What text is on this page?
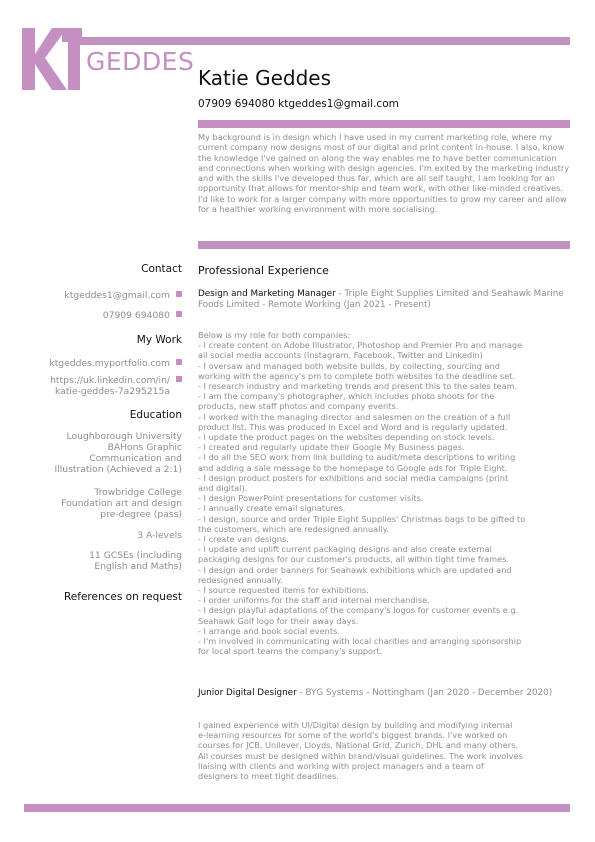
GEDDES
Katie Geddes
07909 694080 ktgeddes1@gmail.com
My background is in design which I have used in my current marketing role, where my current company now designs most of our digital and print content in-house. I also, know the knowledge I've gained on along the way enables me to have better communication and connections when working with design agencies. I'm exited by the marketing industry and with the skills I've developed thus far, which are all self taught, I am looking for an opportunity that allows for mentor-ship and team work, with other like-minded creatives. I'd like to work for a larger company with more opportunities to grow my career and allow for a healthier working environment with more socialising.
Contact
ktgeddes1@gmail.com
07909 694080
My Work
ktgeddes.myportfolio.com
https://uk.linkedin.com/in/
katie-geddes-7a295215a
Education
Loughborough University
BAHons Graphic
Communication and
Illustration (Achieved a 2:1)
Trowbridge College
Foundation art and design
pre-degree (pass)
3 A-levels
11 GCSEs (including
English and Maths)
References on request
Professional Experience
Design and Marketing Manager - Triple Eight Supplies Limited and Seahawk Marine Foods Limited - Remote Working (Jan 2021 - Present)
Below is my role for both companies:
- I create content on Adobe Illustrator, Photoshop and Premier Pro and manage
all social media accounts (Instagram, Facebook, Twitter and Linkedin)
- I oversaw and managed both website builds, by collecting, sourcing and
working with the agency's pm to complete both websites to the deadline set.
- I research industry and marketing trends and present this to the sales team.
- I am the company's photographer, which includes photo shoots for the
products, new staff photos and company events.
- I worked with the managing director and salesmen on the creation of a full
product list. This was produced in Excel and Word and is regularly updated.
- I update the product pages on the websites depending on stock levels.
- I created and regularly update their Google My Business pages.
- I do all the SEO work from link building to audit/meta descriptions to writing
and adding a sale message to the homepage to Google ads for Triple Eight.
- I design product posters for exhibitions and social media campaigns (print
and digital).
- I design PowerPoint presentations for customer visits.
- I annually create email signatures.
- I design, source and order Triple Eight Supplies' Christmas bags to be gifted to
the customers, which are redesigned annually.
- I create van designs.
- I update and uplift current packaging designs and also create external
packaging designs for our customer's products, all within tight time frames.
- I design and order banners for Seahawk exhibitions which are updated and
redesigned annually.
- I source requested items for exhibitions.
- I order uniforms for the staff and internal merchandise.
- I design playful adaptations of the company's logos for customer events e.g.
Seahawk Golf logo for their away days.
- I arrange and book social events.
- I'm involved in communicating with local charities and arranging sponsorship
for local sport teams the company's support.
Junior Digital Designer - BYG Systems - Nottingham (Jan 2020 - December 2020)
I gained experience with UI/Digital design by building and modifying internal
e-learning resources for some of the world's biggest brands. I've worked on
courses for JCB, Unilever, Lloyds, National Grid, Zurich, DHL and many others.
All courses must be designed within brand/visual guidelines. The work involves
liaising with clients and working with project managers and a team of
designers to meet tight deadlines.
